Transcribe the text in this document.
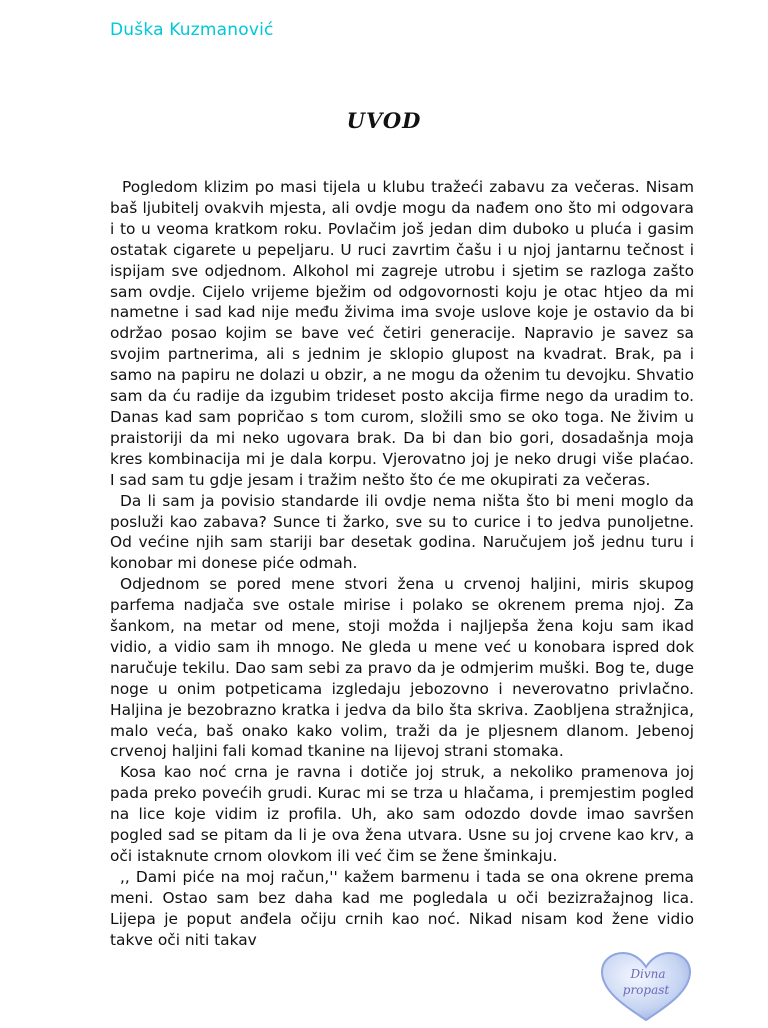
Duška Kuzmanović
UVOD

Pogledom klizim po masi tijela u klubu tražeći zabavu za večeras. Nisam baš ljubitelj ovakvih mjesta, ali ovdje mogu da nađem ono što mi odgovara i to u veoma kratkom roku. Povlačim još jedan dim duboko u pluća i gasim ostatak cigarete u pepeljaru. U ruci zavrtim čašu i u njoj jantarnu tečnost i ispijam sve odjednom. Alkohol mi zagreje utrobu i sjetim se razloga zašto sam ovdje. Cijelo vrijeme bježim od odgovornosti koju je otac htjeo da mi nametne i sad kad nije među živima ima svoje uslove koje je ostavio da bi održao posao kojim se bave već četiri generacije. Napravio je savez sa svojim partnerima, ali s jednim je sklopio glupost na kvadrat. Brak, pa i samo na papiru ne dolazi u obzir, a ne mogu da oženim tu devojku. Shvatio sam da ću radije da izgubim trideset posto akcija firme nego da uradim to. Danas kad sam popričao s tom curom, složili smo se oko toga. Ne živim u praistoriji da mi neko ugovara brak. Da bi dan bio gori, dosadašnja moja kres kombinacija mi je dala korpu. Vjerovatno joj je neko drugi više plaćao. I sad sam tu gdje jesam i tražim nešto što će me okupirati za večeras.

Da li sam ja povisio standarde ili ovdje nema ništa što bi meni moglo da posluži kao zabava? Sunce ti žarko, sve su to curice i to jedva punoljetne. Od većine njih sam stariji bar desetak godina. Naručujem još jednu turu i konobar mi donese piće odmah.

Odjednom se pored mene stvori žena u crvenoj haljini, miris skupog parfema nadjača sve ostale mirise i polako se okrenem prema njoj. Za šankom, na metar od mene, stoji možda i najljepša žena koju sam ikad vidio, a vidio sam ih mnogo. Ne gleda u mene već u konobara ispred dok naručuje tekilu. Dao sam sebi za pravo da je odmjerim muški. Bog te, duge noge u onim potpeticama izgledaju jebozovno i neverovatno privlačno. Haljina je bezobrazno kratka i jedva da bilo šta skriva. Zaobljena stražnjica, malo veća, baš onako kako volim, traži da je pljesnem dlanom. Jebenoj crvenoj haljini fali komad tkanine na lijevoj strani stomaka.

Kosa kao noć crna je ravna i dotiče joj struk, a nekoliko pramenova joj pada preko povećih grudi. Kurac mi se trza u hlačama, i premjestim pogled na lice koje vidim iz profila. Uh, ako sam odozdo dovde imao savršen pogled sad se pitam da li je ova žena utvara. Usne su joj crvene kao krv, a oči istaknute crnom olovkom ili već čim se žene šminkaju.

,, Dami piće na moj račun,'' kažem barmenu i tada se ona okrene prema meni. Ostao sam bez daha kad me pogledala u oči bezizražajnog lica. Lijepa je poput anđela očiju crnih kao noć. Nikad nisam kod žene vidio takve oči niti takav

Divna
propast
